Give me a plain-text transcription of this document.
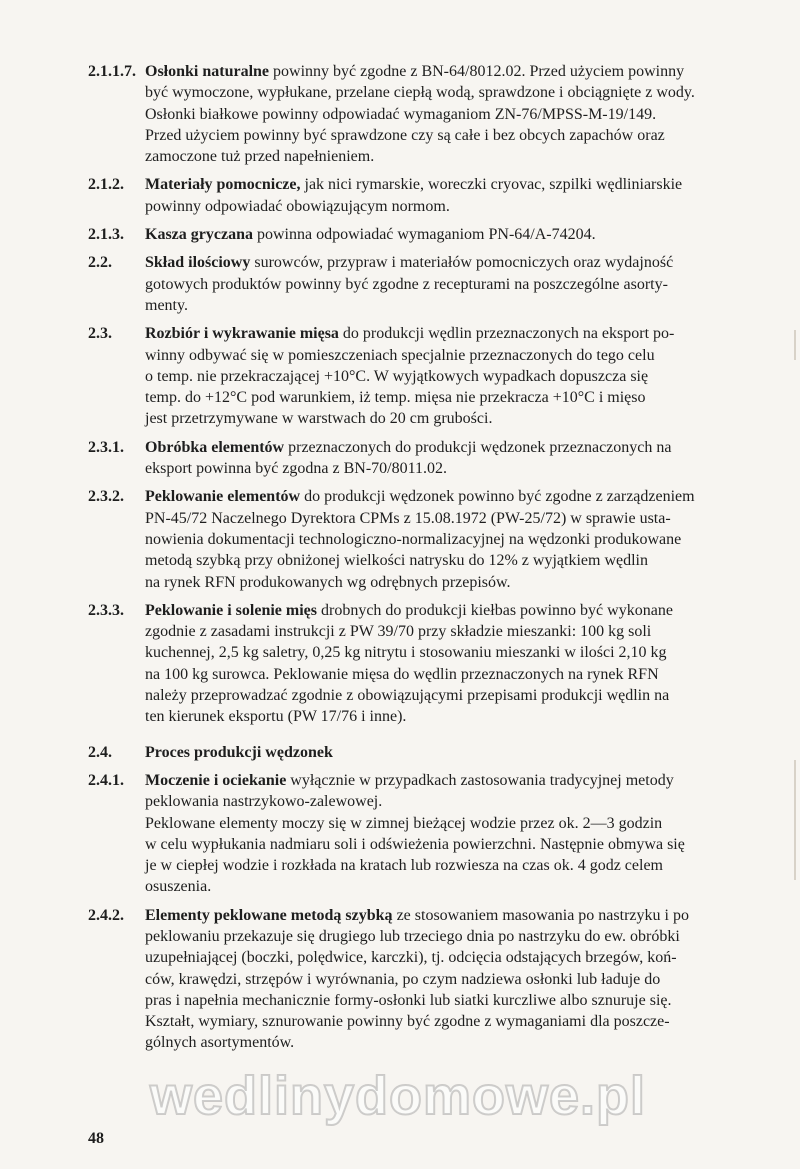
2.1.1.7. Osłonki naturalne powinny być zgodne z BN-64/8012.02. Przed użyciem powinny
być wymoczone, wypłukane, przelane ciepłą wodą, sprawdzone i obciągnięte z wody.
Osłonki białkowe powinny odpowiadać wymaganiom ZN-76/MPSS-M-19/149.
Przed użyciem powinny być sprawdzone czy są całe i bez obcych zapachów oraz
zamoczone tuż przed napełnieniem.
2.1.2. Materiały pomocnicze, jak nici rymarskie, woreczki cryovac, szpilki wędliniarskie
powinny odpowiadać obowiązującym normom.
2.1.3. Kasza gryczana powinna odpowiadać wymaganiom PN-64/A-74204.
2.2. Skład ilościowy surowców, przypraw i materiałów pomocniczych oraz wydajność
gotowych produktów powinny być zgodne z recepturami na poszczególne asorty-
menty.
2.3. Rozbiór i wykrawanie mięsa do produkcji wędlin przeznaczonych na eksport po-
winny odbywać się w pomieszczeniach specjalnie przeznaczonych do tego celu
o temp. nie przekraczającej +10°C. W wyjątkowych wypadkach dopuszcza się
temp. do +12°C pod warunkiem, iż temp. mięsa nie przekracza +10°C i mięso
jest przetrzymywane w warstwach do 20 cm grubości.
2.3.1. Obróbka elementów przeznaczonych do produkcji wędzonek przeznaczonych na
eksport powinna być zgodna z BN-70/8011.02.
2.3.2. Peklowanie elementów do produkcji wędzonek powinno być zgodne z zarządzeniem
PN-45/72 Naczelnego Dyrektora CPMs z 15.08.1972 (PW-25/72) w sprawie usta-
nowienia dokumentacji technologiczno-normalizacyjnej na wędzonki produkowane
metodą szybką przy obniżonej wielkości natrysku do 12% z wyjątkiem wędlin
na rynek RFN produkowanych wg odrębnych przepisów.
2.3.3. Peklowanie i solenie mięs drobnych do produkcji kiełbas powinno być wykonane
zgodnie z zasadami instrukcji z PW 39/70 przy składzie mieszanki: 100 kg soli
kuchennej, 2,5 kg saletry, 0,25 kg nitrytu i stosowaniu mieszanki w ilości 2,10 kg
na 100 kg surowca. Peklowanie mięsa do wędlin przeznaczonych na rynek RFN
należy przeprowadzać zgodnie z obowiązującymi przepisami produkcji wędlin na
ten kierunek eksportu (PW 17/76 i inne).
2.4. Proces produkcji wędzonek
2.4.1. Moczenie i ociekanie wyłącznie w przypadkach zastosowania tradycyjnej metody
peklowania nastrzykowo-zalewowej.
Peklowane elementy moczy się w zimnej bieżącej wodzie przez ok. 2—3 godzin
w celu wypłukania nadmiaru soli i odświeżenia powierzchni. Następnie obmywa się
je w ciepłej wodzie i rozkłada na kratach lub rozwiesza na czas ok. 4 godz celem
osuszenia.
2.4.2. Elementy peklowane metodą szybką ze stosowaniem masowania po nastrzyku i po
peklowaniu przekazuje się drugiego lub trzeciego dnia po nastrzyku do ew. obróbki
uzupełniającej (boczki, polędwice, karczki), tj. odcięcia odstających brzegów, koń-
ców, krawędzi, strzępów i wyrównania, po czym nadziewa osłonki lub ładuje do
pras i napełnia mechanicznie formy-osłonki lub siatki kurczliwe albo sznuruje się.
Kształt, wymiary, sznurowanie powinny być zgodne z wymaganiami dla poszcze-
gólnych asortymentów.
wedlinydomowe.pl
48
